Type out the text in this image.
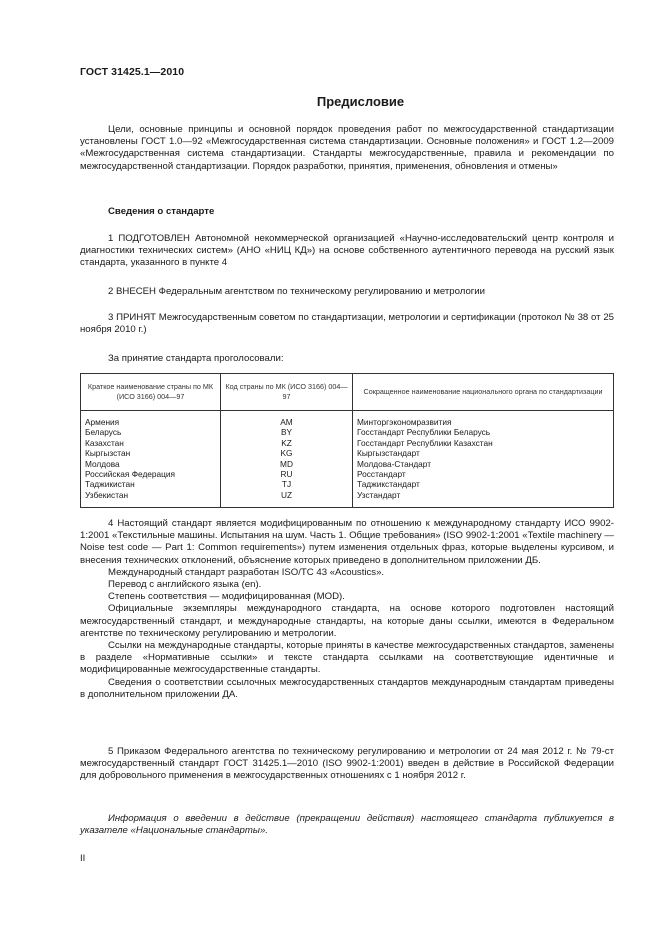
ГОСТ 31425.1—2010
Предисловие

Цели, основные принципы и основной порядок проведения работ по межгосударственной стандартизации установлены ГОСТ 1.0—92 «Межгосударственная система стандартизации. Основные положения» и ГОСТ 1.2—2009 «Межгосударственная система стандартизации. Стандарты межгосударственные, правила и рекомендации по межгосударственной стандартизации. Порядок разработки, принятия, применения, обновления и отмены»

Сведения о стандарте

1 ПОДГОТОВЛЕН Автономной некоммерческой организацией «Научно-исследовательский центр контроля и диагностики технических систем» (АНО «НИЦ КД») на основе собственного аутентичного перевода на русский язык стандарта, указанного в пункте 4

2 ВНЕСЕН Федеральным агентством по техническому регулированию и метрологии

3 ПРИНЯТ Межгосударственным советом по стандартизации, метрологии и сертификации (протокол № 38 от 25 ноября 2010 г.)

За принятие стандарта проголосовали:
Краткое наименование страны по МК (ИСО 3166) 004—97	Код страны по МК (ИСО 3166) 004—97	Сокращенное наименование национального органа по стандартизации

Армения	AM	Минторгэкономразвития
Беларусь	BY	Госстандарт Республики Беларусь
Казахстан	KZ	Госстандарт Республики Казахстан
Кыргызстан	KG	Кыргызстандарт
Молдова	MD	Молдова-Стандарт
Российская Федерация	RU	Росстандарт
Таджикистан	TJ	Таджикстандарт
Узбекистан	UZ	Узстандарт

4 Настоящий стандарт является модифицированным по отношению к международному стандарту ИСО 9902-1:2001 «Текстильные машины. Испытания на шум. Часть 1. Общие требования» (ISO 9902-1:2001 «Textile machinery — Noise test code — Part 1: Common requirements») путем изменения отдельных фраз, которые выделены курсивом, и внесения технических отклонений, объяснение которых приведено в дополнительном приложении ДБ.

Международный стандарт разработан ISO/TC 43 «Acoustics».

Перевод с английского языка (en).

Степень соответствия — модифицированная (MOD).

Официальные экземпляры международного стандарта, на основе которого подготовлен настоящий межгосударственный стандарт, и международные стандарты, на которые даны ссылки, имеются в Федеральном агентстве по техническому регулированию и метрологии.

Ссылки на международные стандарты, которые приняты в качестве межгосударственных стандартов, заменены в разделе «Нормативные ссылки» и тексте стандарта ссылками на соответствующие идентичные и модифицированные межгосударственные стандарты.

Сведения о соответствии ссылочных межгосударственных стандартов международным стандартам приведены в дополнительном приложении ДА.

5 Приказом Федерального агентства по техническому регулированию и метрологии от 24 мая 2012 г. № 79-ст межгосударственный стандарт ГОСТ 31425.1—2010 (ISO 9902-1:2001) введен в действие в Российской Федерации для добровольного применения в межгосударственных отношениях с 1 ноября 2012 г.

Информация о введении в действие (прекращении действия) настоящего стандарта публикуется в указателе «Национальные стандарты».

II
